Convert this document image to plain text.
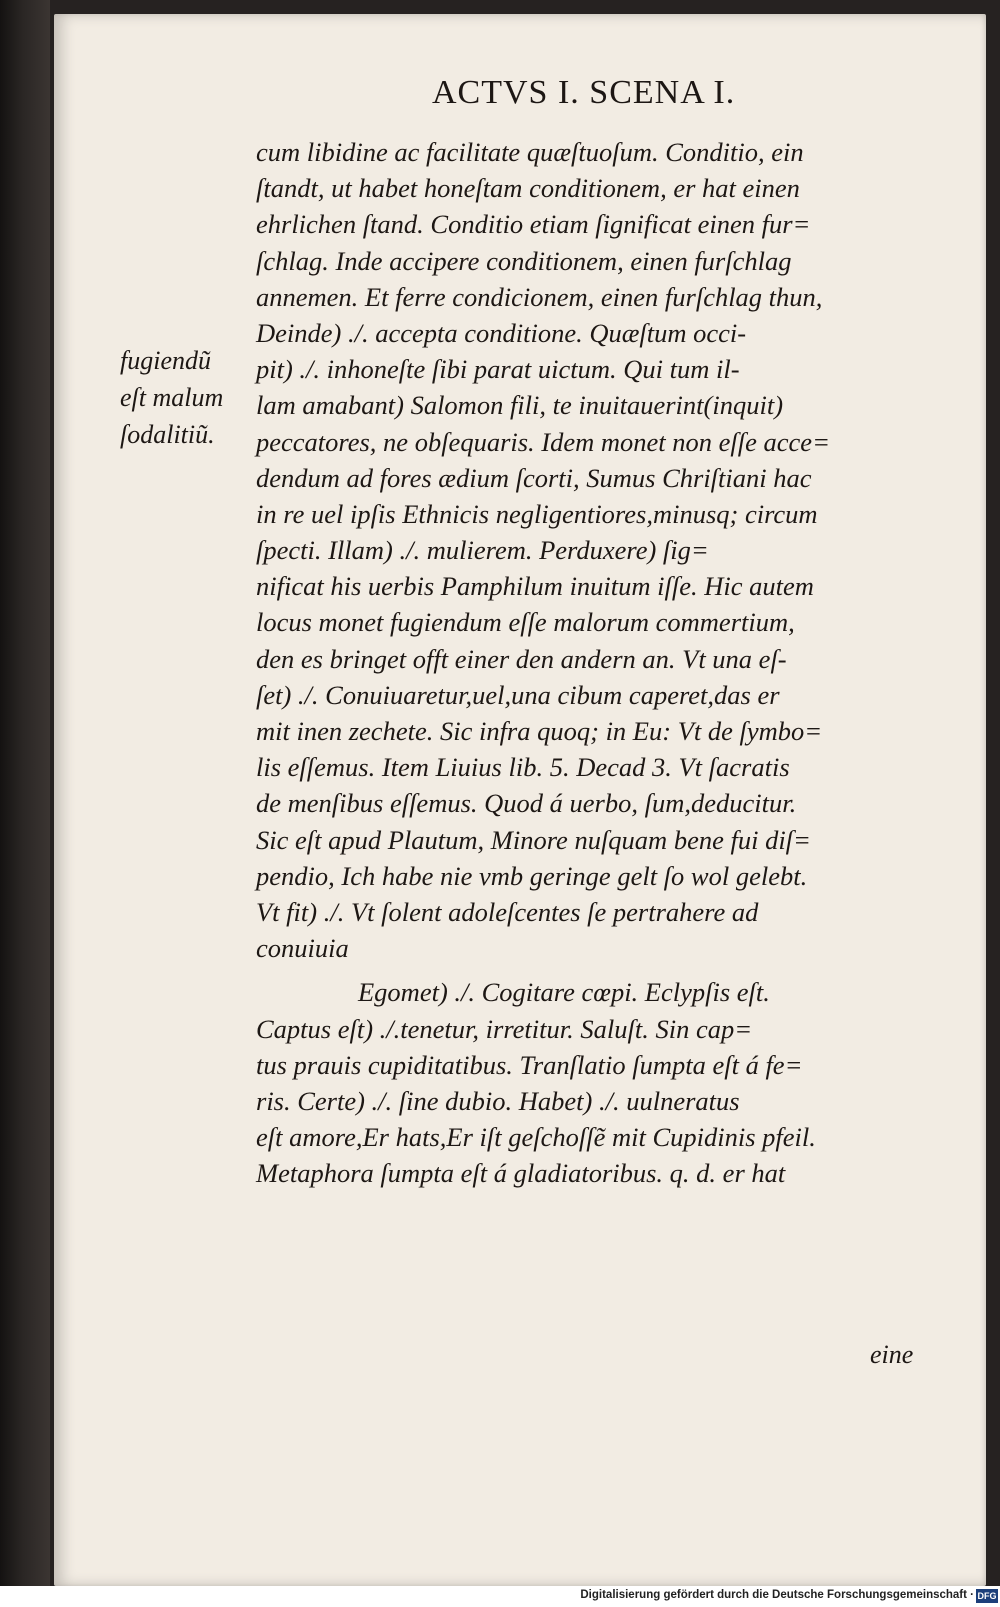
ACTVS I. SCENA I.
fugiendũ
eſt malum
ſodalitiũ.
cum libidine ac facilitate quæſtuoſum. Conditio, ein
ſtandt, ut habet honeſtam conditionem, er hat einen
ehrlichen ſtand. Conditio etiam ſignificat einen fur=
ſchlag. Inde accipere conditionem, einen furſchlag
annemen. Et ferre condicionem, einen furſchlag thun,
Deinde) ./. accepta conditione. Quæſtum occi-
pit) ./. inhoneſte ſibi parat uictum. Qui tum il-
lam amabant) Salomon fili, te inuitauerint(inquit)
peccatores, ne obſequaris. Idem monet non eſſe acce=
dendum ad fores ædium ſcorti, Sumus Chriſtiani hac
in re uel ipſis Ethnicis negligentiores,minusq; circum
ſpecti. Illam) ./. mulierem. Perduxere) ſig=
nificat his uerbis Pamphilum inuitum iſſe. Hic autem
locus monet fugiendum eſſe malorum commertium,
den es bringet offt einer den andern an. Vt una eſ-
ſet) ./. Conuiuaretur,uel,una cibum caperet,das er
mit inen zechete. Sic infra quoq; in Eu: Vt de ſymbo=
lis eſſemus. Item Liuius lib. 5. Decad 3. Vt ſacratis
de menſibus eſſemus. Quod á uerbo, ſum,deducitur.
Sic eſt apud Plautum, Minore nuſquam bene fui diſ=
pendio, Ich habe nie vmb geringe gelt ſo wol gelebt.
Vt fit) ./. Vt ſolent adoleſcentes ſe pertrahere ad
conuiuia
Egomet) ./. Cogitare cœpi. Eclypſis eſt.
Captus eſt) ./.tenetur, irretitur. Saluſt. Sin cap=
tus prauis cupiditatibus. Tranſlatio ſumpta eſt á fe=
ris. Certe) ./. ſine dubio. Habet) ./. uulneratus
eſt amore,Er hats,Er iſt geſchoſſẽ mit Cupidinis pfeil.
Metaphora ſumpta eſt á gladiatoribus. q. d. er hat
eine
Digitalisierung gefördert durch die Deutsche Forschungsgemeinschaft · DFG
